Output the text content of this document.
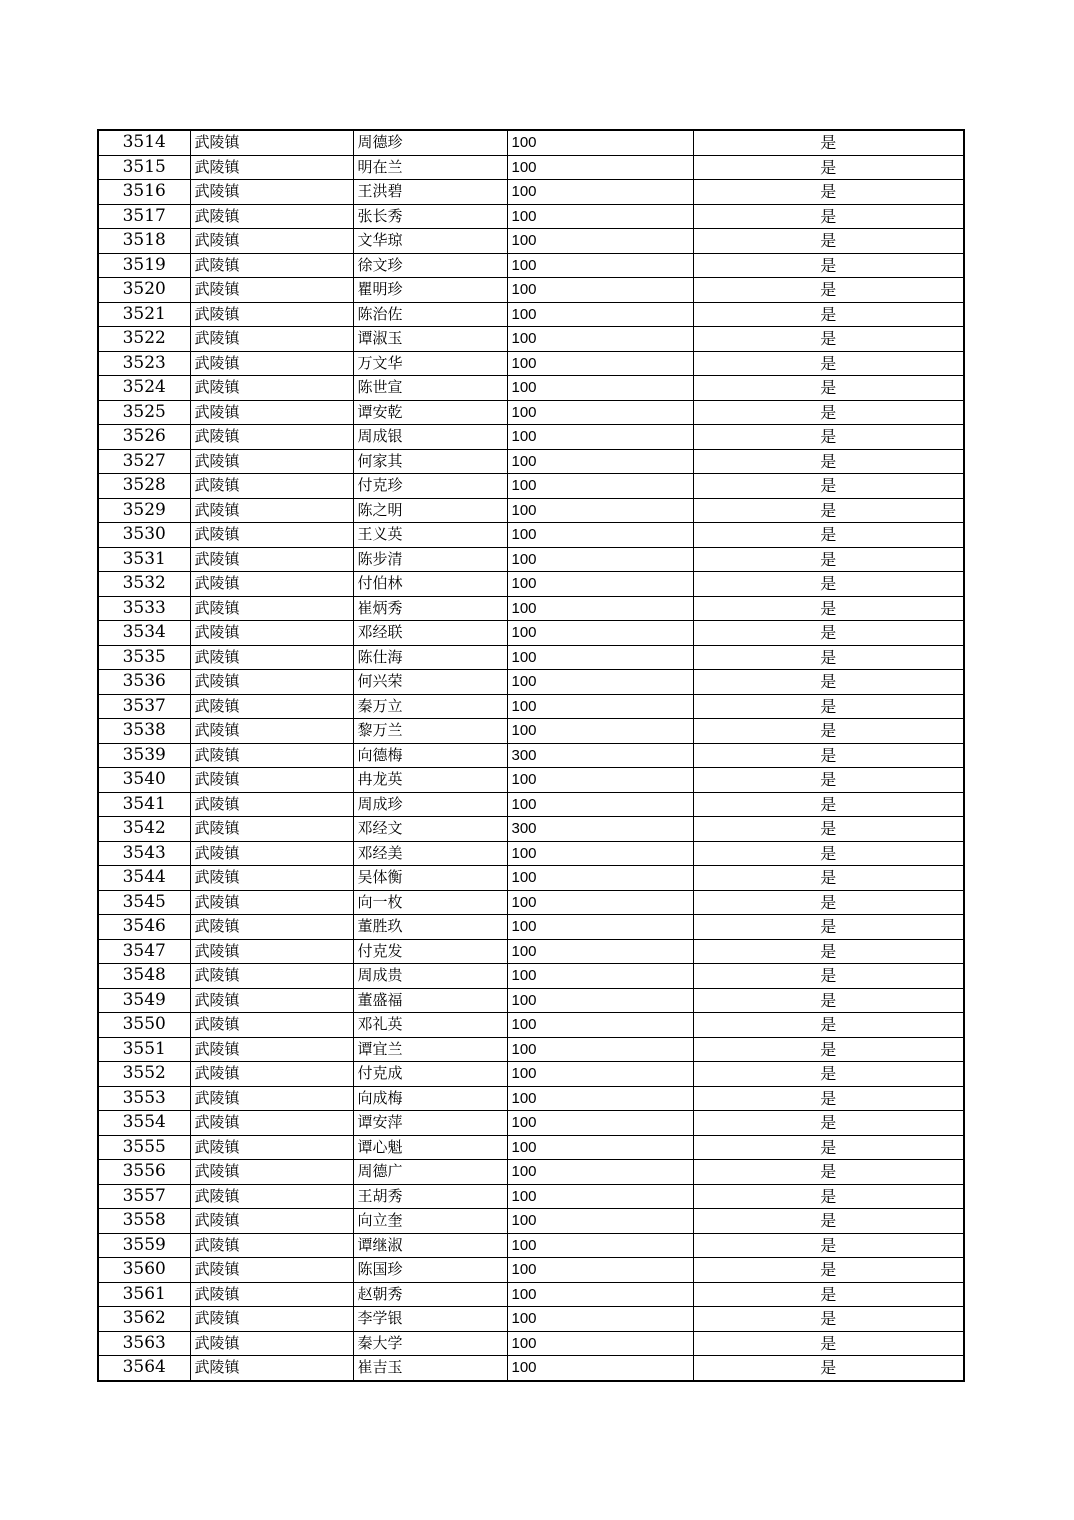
3514	武陵镇	周德珍	100	是
3515	武陵镇	明在兰	100	是
3516	武陵镇	王洪碧	100	是
3517	武陵镇	张长秀	100	是
3518	武陵镇	文华琼	100	是
3519	武陵镇	徐文珍	100	是
3520	武陵镇	瞿明珍	100	是
3521	武陵镇	陈治佐	100	是
3522	武陵镇	谭淑玉	100	是
3523	武陵镇	万文华	100	是
3524	武陵镇	陈世宣	100	是
3525	武陵镇	谭安乾	100	是
3526	武陵镇	周成银	100	是
3527	武陵镇	何家其	100	是
3528	武陵镇	付克珍	100	是
3529	武陵镇	陈之明	100	是
3530	武陵镇	王义英	100	是
3531	武陵镇	陈步清	100	是
3532	武陵镇	付伯林	100	是
3533	武陵镇	崔炳秀	100	是
3534	武陵镇	邓经联	100	是
3535	武陵镇	陈仕海	100	是
3536	武陵镇	何兴荣	100	是
3537	武陵镇	秦万立	100	是
3538	武陵镇	黎万兰	100	是
3539	武陵镇	向德梅	300	是
3540	武陵镇	冉龙英	100	是
3541	武陵镇	周成珍	100	是
3542	武陵镇	邓经文	300	是
3543	武陵镇	邓经美	100	是
3544	武陵镇	吴体衡	100	是
3545	武陵镇	向一枚	100	是
3546	武陵镇	董胜玖	100	是
3547	武陵镇	付克发	100	是
3548	武陵镇	周成贵	100	是
3549	武陵镇	董盛福	100	是
3550	武陵镇	邓礼英	100	是
3551	武陵镇	谭宜兰	100	是
3552	武陵镇	付克成	100	是
3553	武陵镇	向成梅	100	是
3554	武陵镇	谭安萍	100	是
3555	武陵镇	谭心魁	100	是
3556	武陵镇	周德广	100	是
3557	武陵镇	王胡秀	100	是
3558	武陵镇	向立奎	100	是
3559	武陵镇	谭继淑	100	是
3560	武陵镇	陈国珍	100	是
3561	武陵镇	赵朝秀	100	是
3562	武陵镇	李学银	100	是
3563	武陵镇	秦大学	100	是
3564	武陵镇	崔吉玉	100	是
